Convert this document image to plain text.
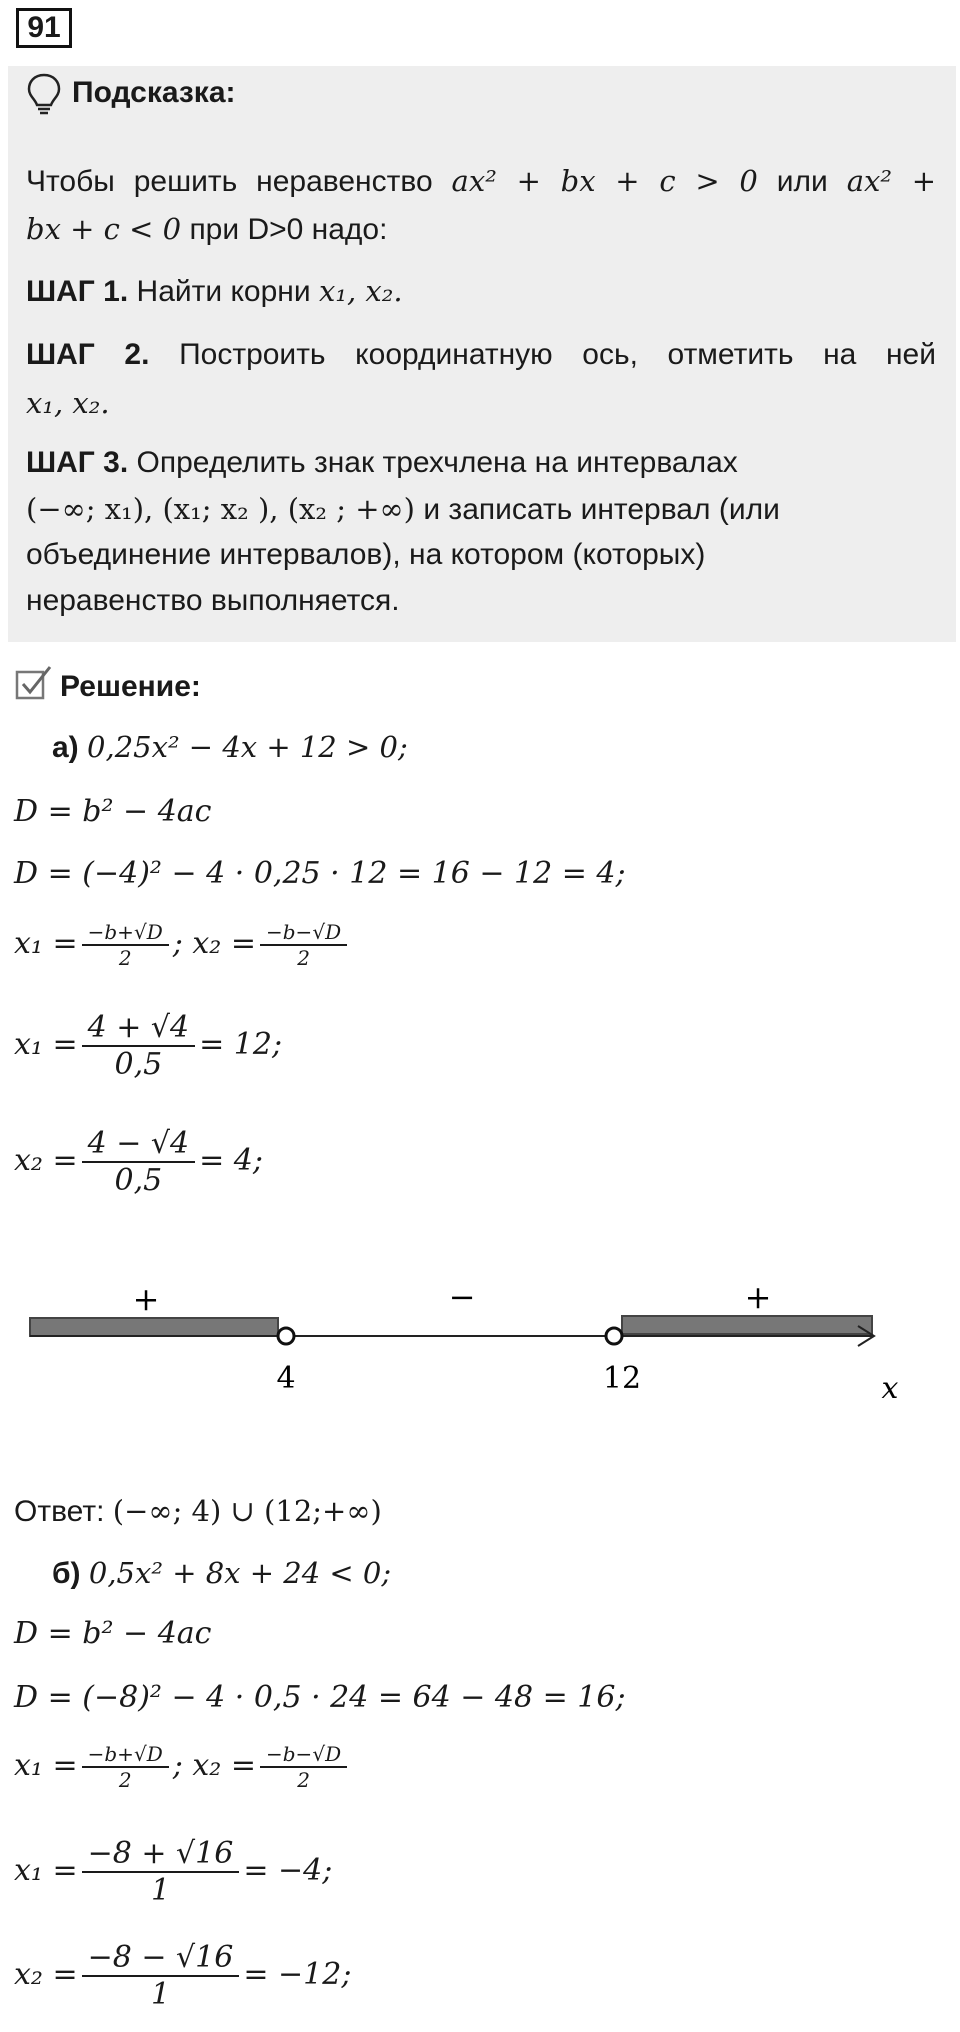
91
Подсказка:
Чтобы решить неравенство ax² + bx + c > 0 или ax² +
bx + c < 0 при D>0 надо:
ШАГ 1. Найти корни x₁, x₂.
ШАГ 2. Построить координатную ось, отметить на ней
x₁, x₂.
ШАГ 3. Определить знак трехчлена на интервалах
(−∞; x₁), (x₁; x₂ ), (x₂ ; +∞) и записать интервал (или
объединение интервалов), на котором (которых)
неравенство выполняется.
Решение:
а) 0,25x² − 4x + 12 > 0;
D = b² − 4ac
D = (−4)² − 4 · 0,25 · 12 = 16 − 12 = 4;
$x_1 = \frac{-b+√D}{2}$ ; $x_2 = \frac{-b-√D}{2}$
$x_1 = \frac{4 + √4}{0,5} = 12$;
$x_2 = \frac{4 - √4}{0,5} = 4$;
+	−	+
4	12	x
Ответ: (−∞; 4) ∪ (12;+∞)
б) 0,5x² + 8x + 24 < 0;
D = b² − 4ac
D = (−8)² − 4 · 0,5 · 24 = 64 − 48 = 16;
$x_1 = \frac{-b+√D}{2}$ ; $x_2 = \frac{-b-√D}{2}$
$x_1 = \frac{-8 + √16}{1} = -4$;
$x_2 = \frac{-8 - √16}{1} = -12$;
